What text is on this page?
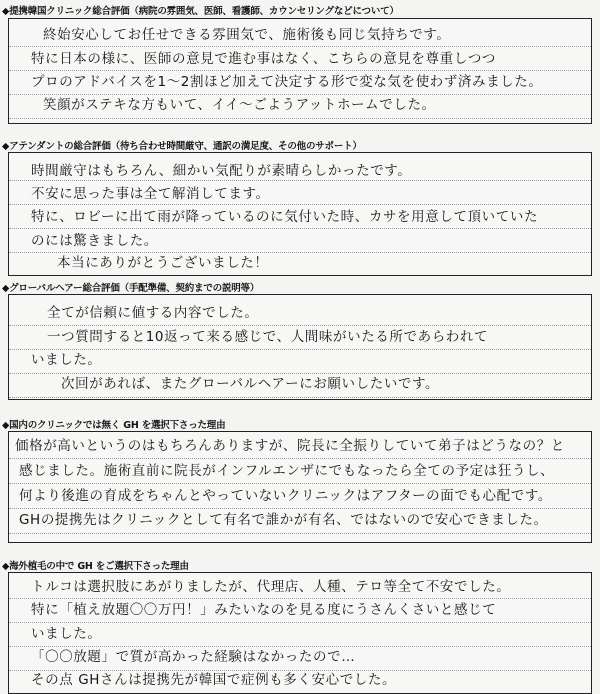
◆提携韓国クリニック総合評価（病院の雰囲気、医師、看護師、カウンセリングなどについて）
終始安心してお任せできる雰囲気で、施術後も同じ気持ちです。
特に日本の様に、医師の意見で進む事はなく、こちらの意見を尊重しつつ
プロのアドバイスを1〜2割ほど加えて決定する形で変な気を使わず済みました。
笑顔がステキな方もいて、イイ〜ごようアットホームでした。
◆アテンダントの総合評価（待ち合わせ時間厳守、通訳の満足度、その他のサポート）
時間厳守はもちろん、細かい気配りが素晴らしかったです。
不安に思った事は全て解消してます。
特に、ロビーに出て雨が降っているのに気付いた時、カサを用意して頂いていた
のには驚きました。
本当にありがとうございました！
◆グローバルヘアー総合評価（手配準備、契約までの説明等）
全てが信頼に値する内容でした。
一つ質問すると10返って来る感じで、人間味がいたる所であらわれて
いました。
次回があれば、またグローバルヘアーにお願いしたいです。
◆国内のクリニックでは無く GH を選択下さった理由
価格が高いというのはもちろんありますが、院長に全振りしていて弟子はどうなの？と
感じました。施術直前に院長がインフルエンザにでもなったら全ての予定は狂うし、
何より後進の育成をちゃんとやっていないクリニックはアフターの面でも心配です。
GHの提携先はクリニックとして有名で誰かが有名、ではないので安心できました。
◆海外植毛の中で GH をご選択下さった理由
トルコは選択肢にあがりましたが、代理店、人種、テロ等全て不安でした。
特に「植え放題〇〇万円！」みたいなのを見る度にうさんくさいと感じて
いました。
「〇〇放題」で質が高かった経験はなかったので…
その点 GHさんは提携先が韓国で症例も多く安心でした。
